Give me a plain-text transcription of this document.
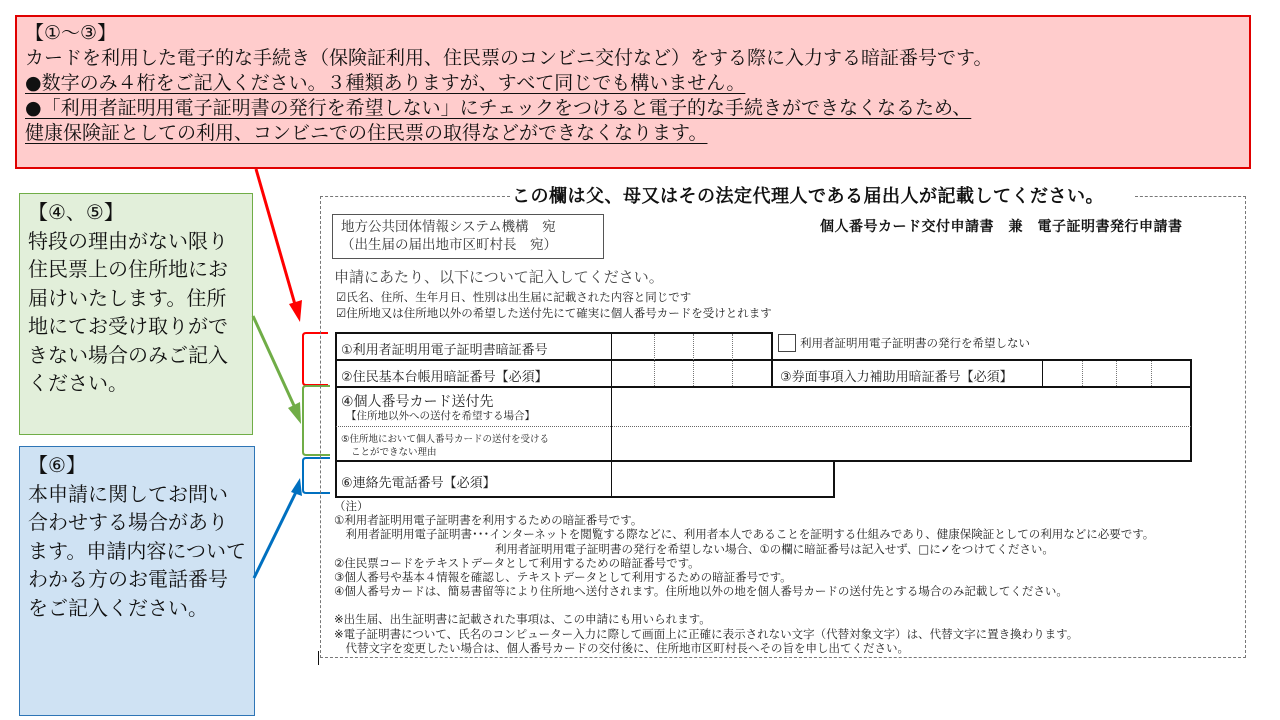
【①～③】
カードを利用した電子的な手続き（保険証利用、住民票のコンビニ交付など）をする際に入力する暗証番号です。
●数字のみ４桁をご記入ください。３種類ありますが、すべて同じでも構いません。
●「利用者証明用電子証明書の発行を希望しない」にチェックをつけると電子的な手続きができなくなるため、
健康保険証としての利用、コンビニでの住民票の取得などができなくなります。
【④、⑤】
特段の理由がない限り住民票上の住所地にお届けいたします。住所地にてお受け取りができない場合のみご記入ください。
【⑥】
本申請に関してお問い合わせする場合があります。申請内容についてわかる方のお電話番号をご記入ください。
この欄は父、母又はその法定代理人である届出人が記載してください。
地方公共団体情報システム機構　宛
（出生届の届出地市区町村長　宛）
個人番号カード交付申請書　兼　電子証明書発行申請書
申請にあたり、以下について記入してください。
☑氏名、住所、生年月日、性別は出生届に記載された内容と同じです
☑住所地又は住所地以外の希望した送付先にて確実に個人番号カードを受けとれます
①利用者証明用電子証明書暗証番号
②住民基本台帳用暗証番号【必須】	③券面事項入力補助用暗証番号【必須】
④個人番号カード送付先
【住所地以外への送付を希望する場合】
⑤住所地において個人番号カードの送付を受ける
ことができない理由
⑥連絡先電話番号【必須】
利用者証明用電子証明書の発行を希望しない
（注）
①利用者証明用電子証明書を利用するための暗証番号です。
　利用者証明用電子証明書･･･インターネットを閲覧する際などに、利用者本人であることを証明する仕組みであり、健康保険証としての利用などに必要です。
　　　　　　　　　　　　　　利用者証明用電子証明書の発行を希望しない場合、①の欄に暗証番号は記入せず、□に✓をつけてください。
②住民票コードをテキストデータとして利用するための暗証番号です。
③個人番号や基本４情報を確認し、テキストデータとして利用するための暗証番号です。
④個人番号カードは、簡易書留等により住所地へ送付されます。住所地以外の地を個人番号カードの送付先とする場合のみ記載してください。
※出生届、出生証明書に記載された事項は、この申請にも用いられます。
※電子証明書について、氏名のコンピューター入力に際して画面上に正確に表示されない文字（代替対象文字）は、代替文字に置き換わります。
　代替文字を変更したい場合は、個人番号カードの交付後に、住所地市区町村長へその旨を申し出てください。
